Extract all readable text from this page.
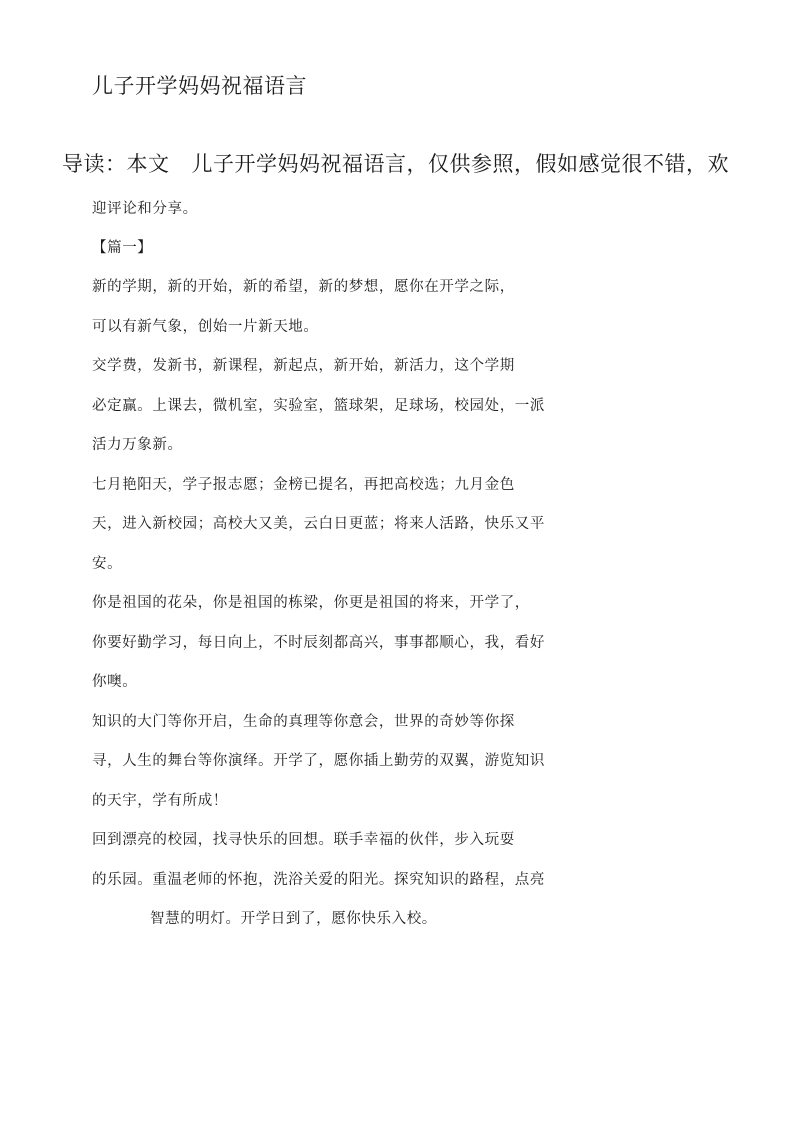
儿子开学妈妈祝福语言
导读：本文 儿子开学妈妈祝福语言，仅供参照，假如感觉很不错，欢
迎评论和分享。
【篇一】
新的学期，新的开始，新的希望，新的梦想，愿你在开学之际，
可以有新气象，创始一片新天地。
交学费，发新书，新课程，新起点，新开始，新活力，这个学期
必定赢。上课去，微机室，实验室，篮球架，足球场，校园处，一派
活力万象新。
七月艳阳天，学子报志愿；金榜已提名，再把高校选；九月金色
天，进入新校园；高校大又美，云白日更蓝；将来人活路，快乐又平
安。
你是祖国的花朵，你是祖国的栋梁，你更是祖国的将来，开学了，
你要好勤学习，每日向上，不时辰刻都高兴，事事都顺心，我，看好
你噢。
知识的大门等你开启，生命的真理等你意会，世界的奇妙等你探
寻，人生的舞台等你演绎。开学了，愿你插上勤劳的双翼，游览知识
的天宇，学有所成！
回到漂亮的校园，找寻快乐的回想。联手幸福的伙伴，步入玩耍
的乐园。重温老师的怀抱，洗浴关爱的阳光。探究知识的路程，点亮
智慧的明灯。开学日到了，愿你快乐入校。
